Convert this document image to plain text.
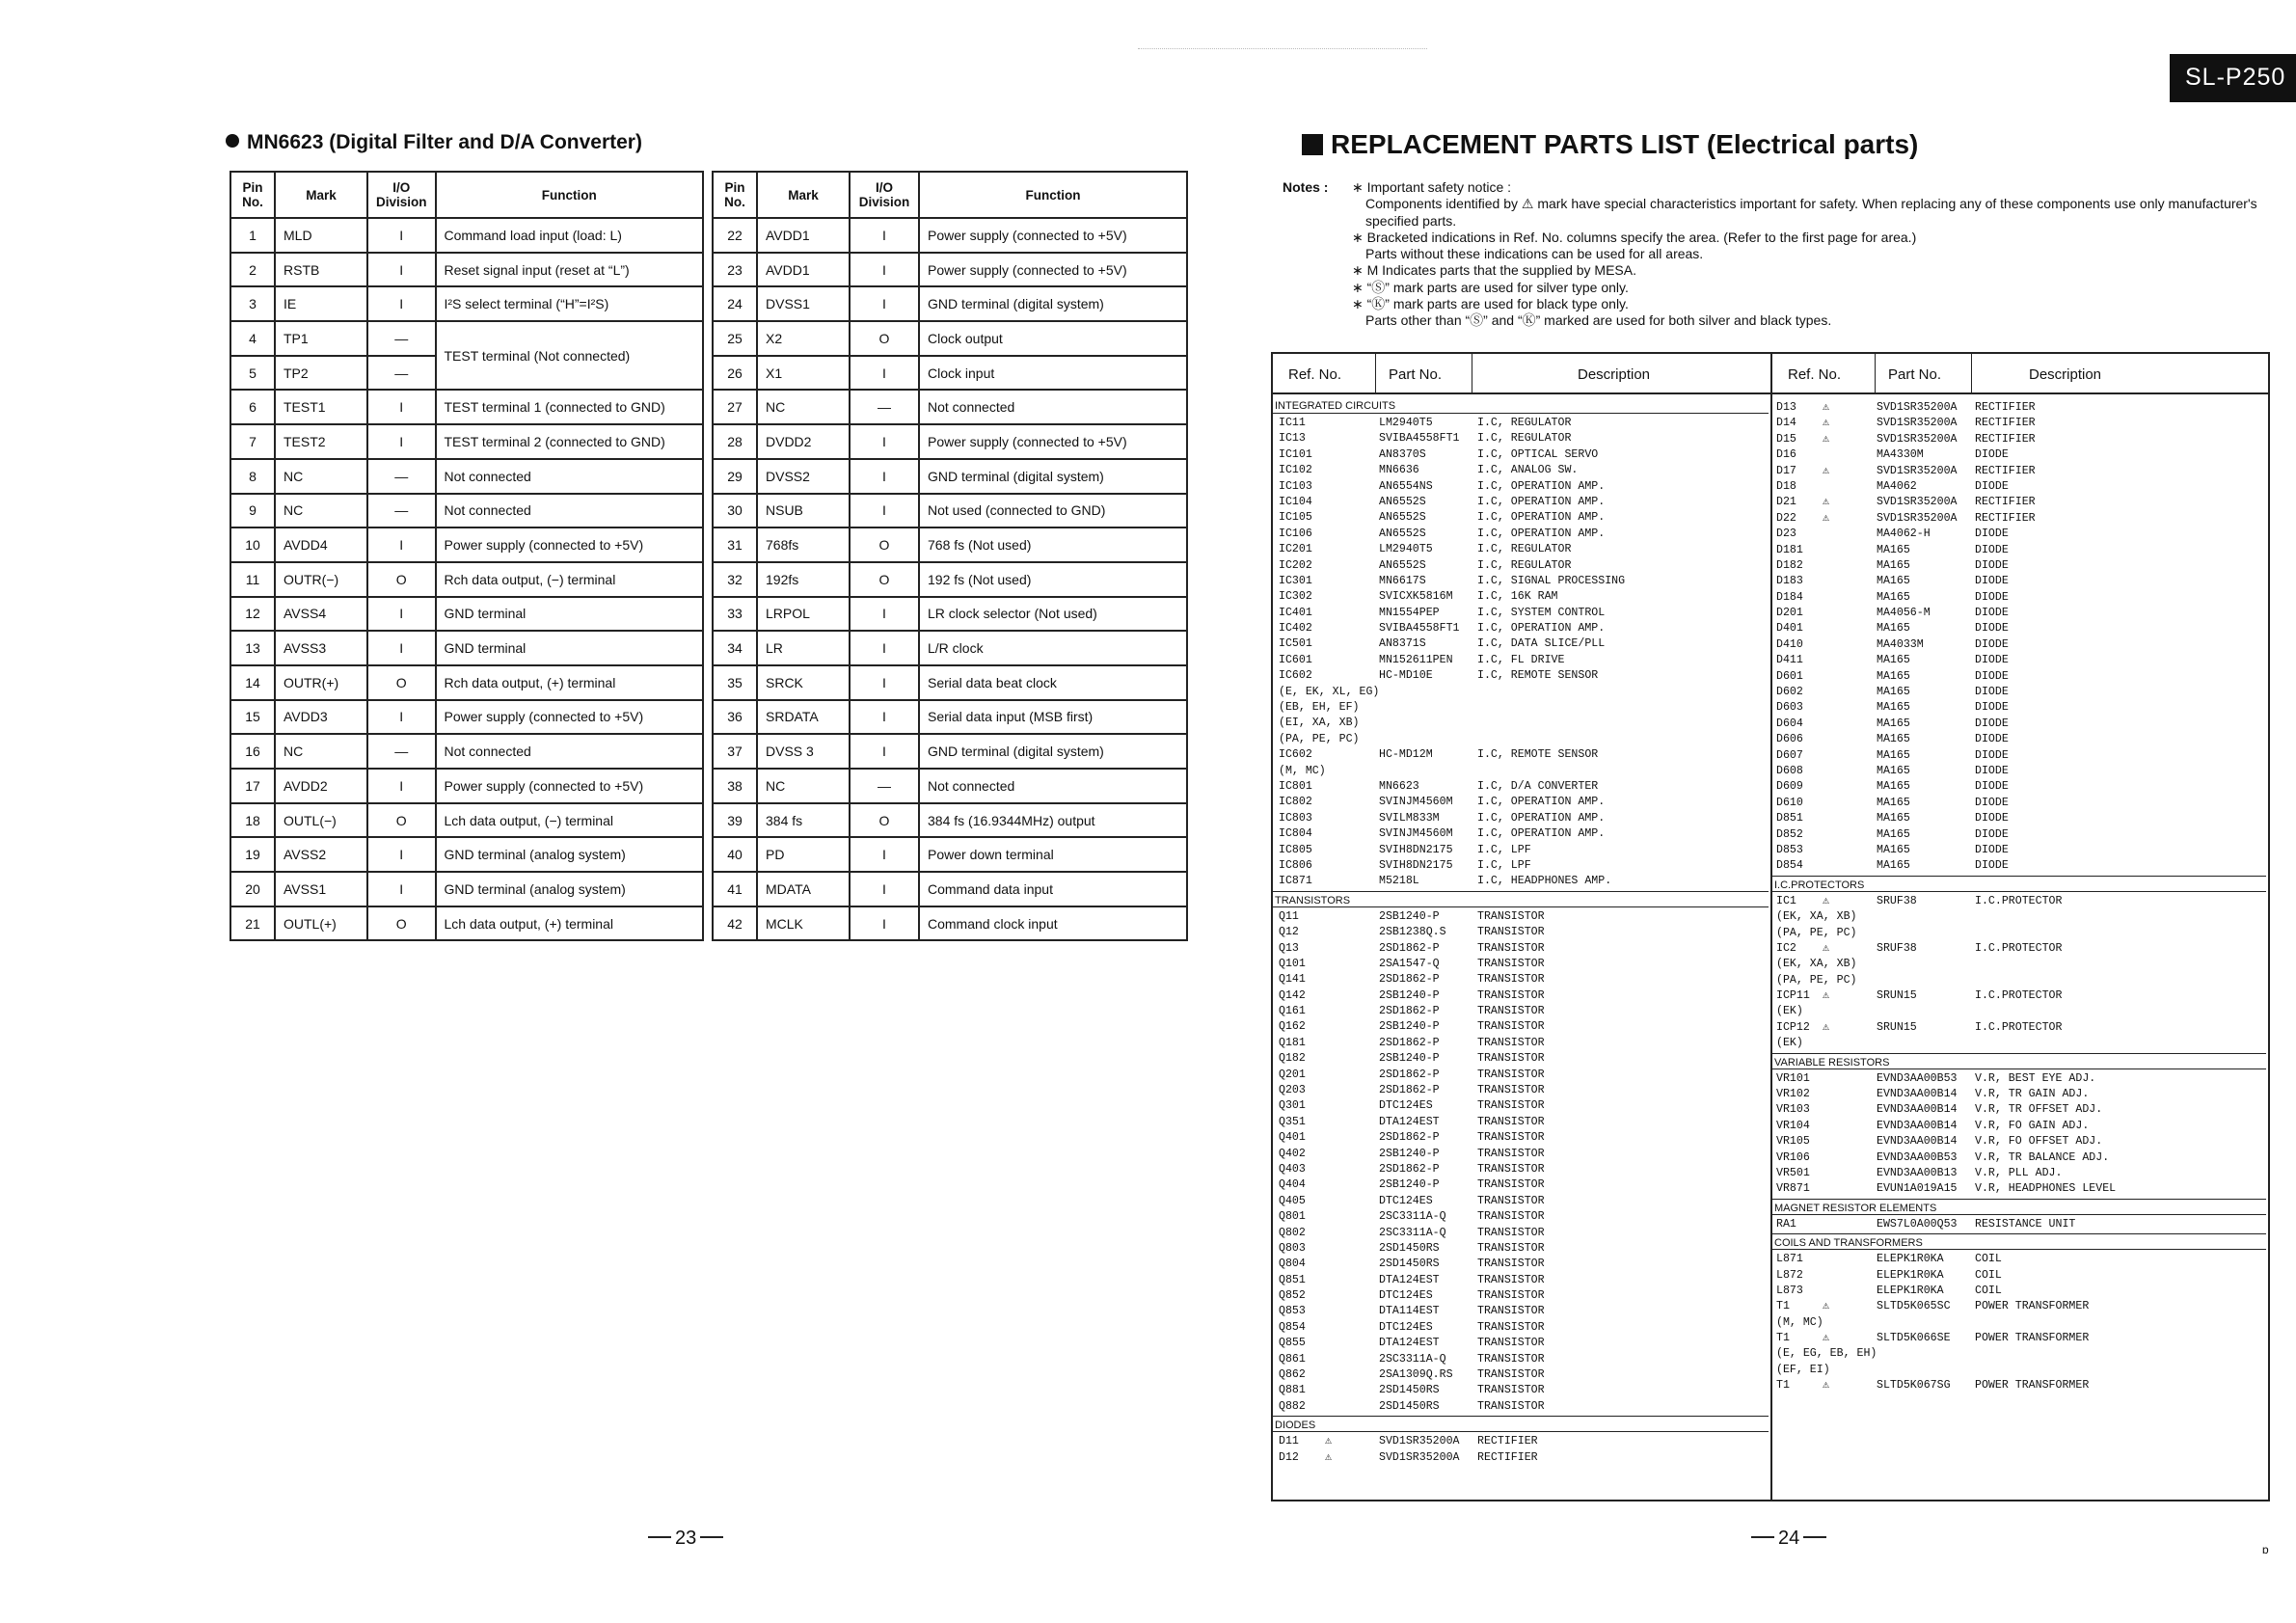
SL-P250
MN6623 (Digital Filter and D/A Converter)
Pin No.	Mark	I/O Division	Function
1	MLD	I	Command load input (load: L)
2	RSTB	I	Reset signal input (reset at “L”)
3	IE	I	I²S select terminal (“H”=I²S)
4	TP1	—	TEST terminal (Not connected)
5	TP2	—	
6	TEST1	I	TEST terminal 1 (connected to GND)
7	TEST2	I	TEST terminal 2 (connected to GND)
8	NC	—	Not connected
9	NC	—	Not connected
10	AVDD4	I	Power supply (connected to +5V)
11	OUTR(−)	O	Rch data output, (−) terminal
12	AVSS4	I	GND terminal
13	AVSS3	I	GND terminal
14	OUTR(+)	O	Rch data output, (+) terminal
15	AVDD3	I	Power supply (connected to +5V)
16	NC	—	Not connected
17	AVDD2	I	Power supply (connected to +5V)
18	OUTL(−)	O	Lch data output, (−) terminal
19	AVSS2	I	GND terminal (analog system)
20	AVSS1	I	GND terminal (analog system)
21	OUTL(+)	O	Lch data output, (+) terminal
Pin No.	Mark	I/O Division	Function
22	AVDD1	I	Power supply (connected to +5V)
23	AVDD1	I	Power supply (connected to +5V)
24	DVSS1	I	GND terminal (digital system)
25	X2	O	Clock output
26	X1	I	Clock input
27	NC	—	Not connected
28	DVDD2	I	Power supply (connected to +5V)
29	DVSS2	I	GND terminal (digital system)
30	NSUB	I	Not used (connected to GND)
31	768fs	O	768 fs (Not used)
32	192fs	O	192 fs (Not used)
33	LRPOL	I	LR clock selector (Not used)
34	LR	I	L/R clock
35	SRCK	I	Serial data beat clock
36	SRDATA	I	Serial data input (MSB first)
37	DVSS 3	I	GND terminal (digital system)
38	NC	—	Not connected
39	384 fs	O	384 fs (16.9344MHz) output
40	PD	I	Power down terminal
41	MDATA	I	Command data input
42	MCLK	I	Command clock input
23
REPLACEMENT PARTS LIST (Electrical parts)
Notes : ∗ Important safety notice :

Components identified by ⚠ mark have special characteristics important for safety. When replacing any of these components use only manufacturer's specified parts.

∗ Bracketed indications in Ref. No. columns specify the area. (Refer to the first page for area.)

Parts without these indications can be used for all areas.

∗ M Indicates parts that the supplied by MESA.

∗ “Ⓢ” mark parts are used for silver type only.

∗ “Ⓚ” mark parts are used for black type only.

Parts other than “Ⓢ” and “Ⓚ” marked are used for both silver and black types.

Ref. No.	Part No.	Description	Ref. No.	Part No.	Description
INTEGRATED CIRCUITS
IC11	LM2940T5	I.C, REGULATOR
IC13	SVIBA4558FT1 I.C, REGULATOR
IC101	AN8370S	I.C, OPTICAL SERVO
IC102	MN6636	I.C, ANALOG SW.
IC103	AN6554NS	I.C, OPERATION AMP.
IC104	AN6552S	I.C, OPERATION AMP.
IC105	AN6552S	I.C, OPERATION AMP.
IC106	AN6552S	I.C, OPERATION AMP.
IC201	LM2940T5	I.C, REGULATOR
IC202	AN6552S	I.C, REGULATOR
IC301	MN6617S	I.C, SIGNAL PROCESSING
IC302	SVICXK5816M I.C, 16K RAM
IC401	MN1554PEP	I.C, SYSTEM CONTROL
IC402	SVIBA4558FT1 I.C, OPERATION AMP.
IC501	AN8371S	I.C, DATA SLICE/PLL
IC601	MN152611PEN I.C, FL DRIVE
IC602	HC-MD10E	I.C, REMOTE SENSOR
(E, EK, XL, EG)
(EB, EH, EF)
(EI, XA, XB)
(PA, PE, PC)
IC602	HC-MD12M	I.C, REMOTE SENSOR
(M, MC)
IC801	MN6623	I.C, D/A CONVERTER
IC802	SVINJM4560M I.C, OPERATION AMP.
IC803	SVILM833M	I.C, OPERATION AMP.
IC804	SVINJM4560M I.C, OPERATION AMP.
IC805	SVIH8DN2175 I.C, LPF
IC806	SVIH8DN2175 I.C, LPF
IC871	M5218L	I.C, HEADPHONES AMP.
TRANSISTORS
Q11	2SB1240-P	TRANSISTOR
Q12	2SB1238Q.S	TRANSISTOR
Q13	2SD1862-P	TRANSISTOR
Q101	2SA1547-Q	TRANSISTOR
Q141	2SD1862-P	TRANSISTOR
Q142	2SB1240-P	TRANSISTOR
Q161	2SD1862-P	TRANSISTOR
Q162	2SB1240-P	TRANSISTOR
Q181	2SD1862-P	TRANSISTOR
Q182	2SB1240-P	TRANSISTOR
Q201	2SD1862-P	TRANSISTOR
Q203	2SD1862-P	TRANSISTOR
Q301	DTC124ES	TRANSISTOR
Q351	DTA124EST	TRANSISTOR
Q401	2SD1862-P	TRANSISTOR
Q402	2SB1240-P	TRANSISTOR
Q403	2SD1862-P	TRANSISTOR
Q404	2SB1240-P	TRANSISTOR
Q405	DTC124ES	TRANSISTOR
Q801	2SC3311A-Q	TRANSISTOR
Q802	2SC3311A-Q	TRANSISTOR
Q803	2SD1450RS	TRANSISTOR
Q804	2SD1450RS	TRANSISTOR
Q851	DTA124EST	TRANSISTOR
Q852	DTC124ES	TRANSISTOR
Q853	DTA114EST	TRANSISTOR
Q854	DTC124ES	TRANSISTOR
Q855	DTA124EST	TRANSISTOR
Q861	2SC3311A-Q	TRANSISTOR
Q862	2SA1309Q.RS TRANSISTOR
Q881	2SD1450RS	TRANSISTOR
Q882	2SD1450RS	TRANSISTOR
DIODES
D11 ⚠	SVD1SR35200A RECTIFIER
D12 ⚠	SVD1SR35200A RECTIFIER
D13 ⚠	SVD1SR35200A RECTIFIER
D14 ⚠	SVD1SR35200A RECTIFIER
D15 ⚠	SVD1SR35200A RECTIFIER
D16	MA4330M	DIODE
D17 ⚠	SVD1SR35200A RECTIFIER
D18	MA4062	DIODE
D21 ⚠	SVD1SR35200A RECTIFIER
D22 ⚠	SVD1SR35200A RECTIFIER
D23	MA4062-H	DIODE
D181	MA165	DIODE
D182	MA165	DIODE
D183	MA165	DIODE
D184	MA165	DIODE
D201	MA4056-M	DIODE
D401	MA165	DIODE
D410	MA4033M	DIODE
D411	MA165	DIODE
D601	MA165	DIODE
D602	MA165	DIODE
D603	MA165	DIODE
D604	MA165	DIODE
D606	MA165	DIODE
D607	MA165	DIODE
D608	MA165	DIODE
D609	MA165	DIODE
D610	MA165	DIODE
D851	MA165	DIODE
D852	MA165	DIODE
D853	MA165	DIODE
D854	MA165	DIODE
I.C.PROTECTORS
IC1 ⚠	SRUF38	I.C.PROTECTOR
(EK, XA, XB)
(PA, PE, PC)
IC2 ⚠	SRUF38	I.C.PROTECTOR
(EK, XA, XB)
(PA, PE, PC)
ICP11 ⚠	SRUN15	I.C.PROTECTOR
(EK)
ICP12 ⚠	SRUN15	I.C.PROTECTOR
(EK)
VARIABLE RESISTORS
VR101	EVND3AA00B53 V.R, BEST EYE ADJ.
VR102	EVND3AA00B14 V.R, TR GAIN ADJ.
VR103	EVND3AA00B14 V.R, TR OFFSET ADJ.
VR104	EVND3AA00B14 V.R, FO GAIN ADJ.
VR105	EVND3AA00B14 V.R, FO OFFSET ADJ.
VR106	EVND3AA00B53 V.R, TR BALANCE ADJ.
VR501	EVND3AA00B13 V.R, PLL ADJ.
VR871	EVUN1A019A15 V.R, HEADPHONES LEVEL
MAGNET RESISTOR ELEMENTS
RA1	EWS7L0A00Q53 RESISTANCE UNIT
COILS AND TRANSFORMERS
L871	ELEPK1R0KA	COIL
L872	ELEPK1R0KA	COIL
L873	ELEPK1R0KA	COIL
T1	⚠	SLTD5K065SC POWER TRANSFORMER
(M, MC)
T1	⚠	SLTD5K066SE POWER TRANSFORMER
(E, EG, EB, EH)
(EF, EI)
T1	⚠	SLTD5K067SG POWER TRANSFORMER
24
ɒ
